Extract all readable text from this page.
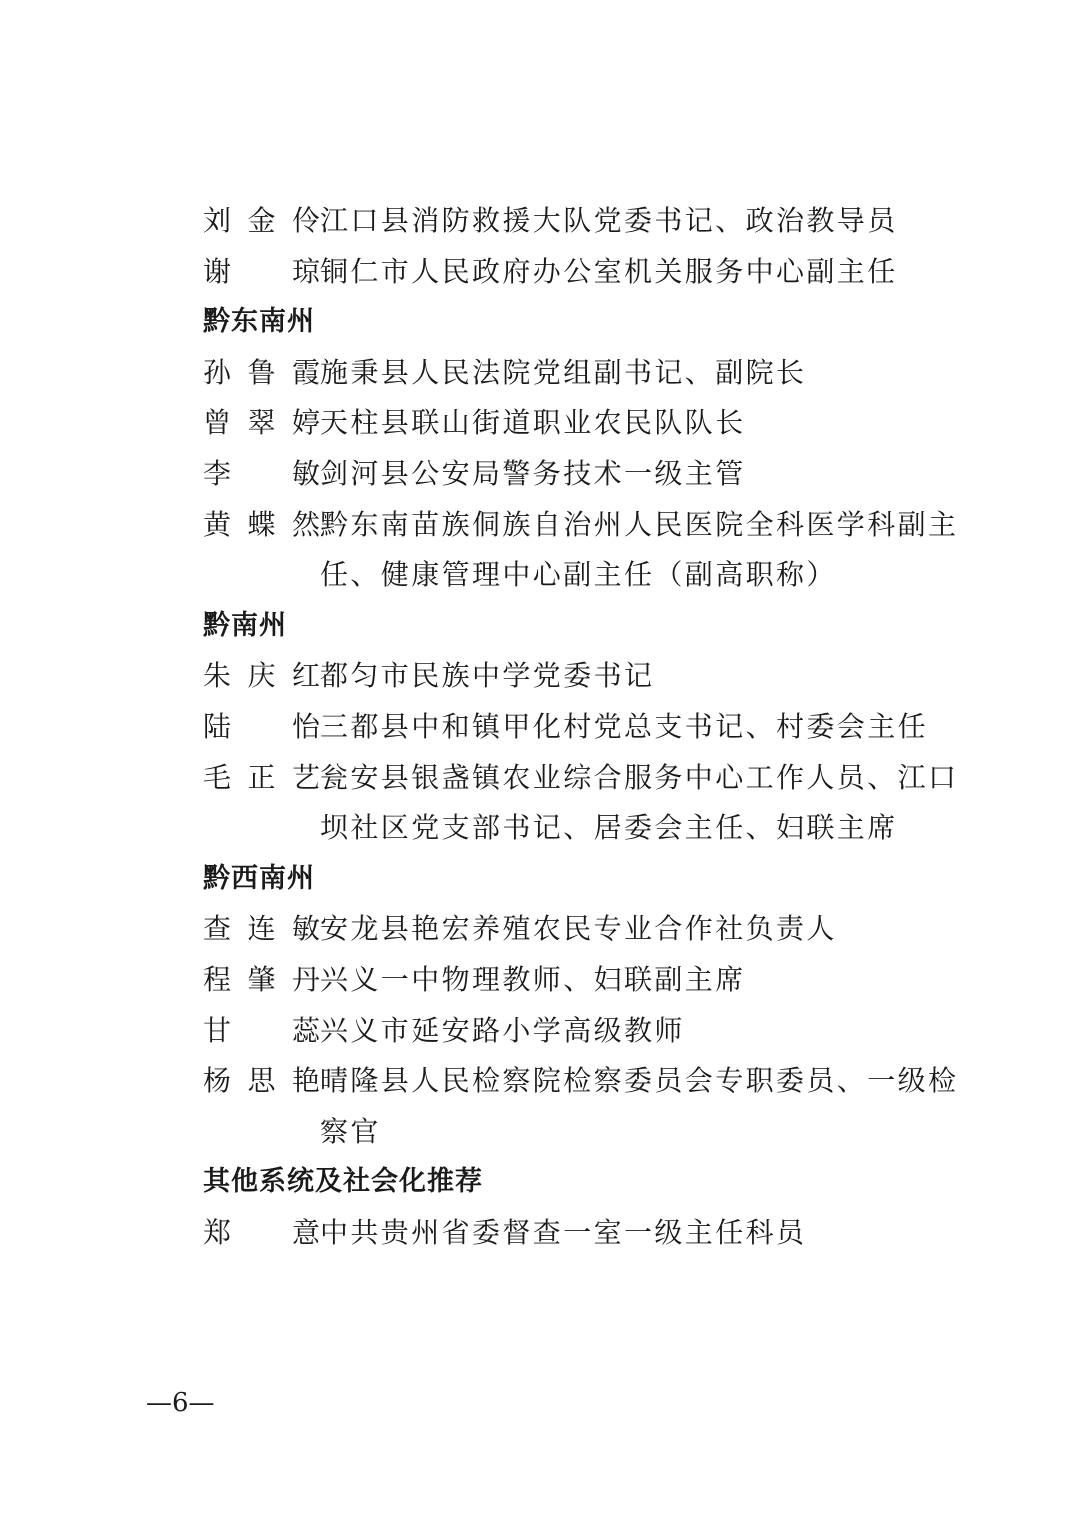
刘 金 伶 江口县消防救援大队党委书记、政治教导员
谢 琼 铜仁市人民政府办公室机关服务中心副主任
黔东南州
孙 鲁 霞 施秉县人民法院党组副书记、副院长
曾 翠 婷 天柱县联山街道职业农民队队长
李 敏 剑河县公安局警务技术一级主管
黄 蝶 然 黔东南苗族侗族自治州人民医院全科医学科副主任、健康管理中心副主任（副高职称）
黔南州
朱 庆 红 都匀市民族中学党委书记
陆 怡 三都县中和镇甲化村党总支书记、村委会主任
毛 正 艺 瓮安县银盏镇农业综合服务中心工作人员、江口坝社区党支部书记、居委会主任、妇联主席
黔西南州
查 连 敏 安龙县艳宏养殖农民专业合作社负责人
程 肇 丹 兴义一中物理教师、妇联副主席
甘 蕊 兴义市延安路小学高级教师
杨 思 艳 晴隆县人民检察院检察委员会专职委员、一级检察官
其他系统及社会化推荐
郑 意 中共贵州省委督查一室一级主任科员
—6—
